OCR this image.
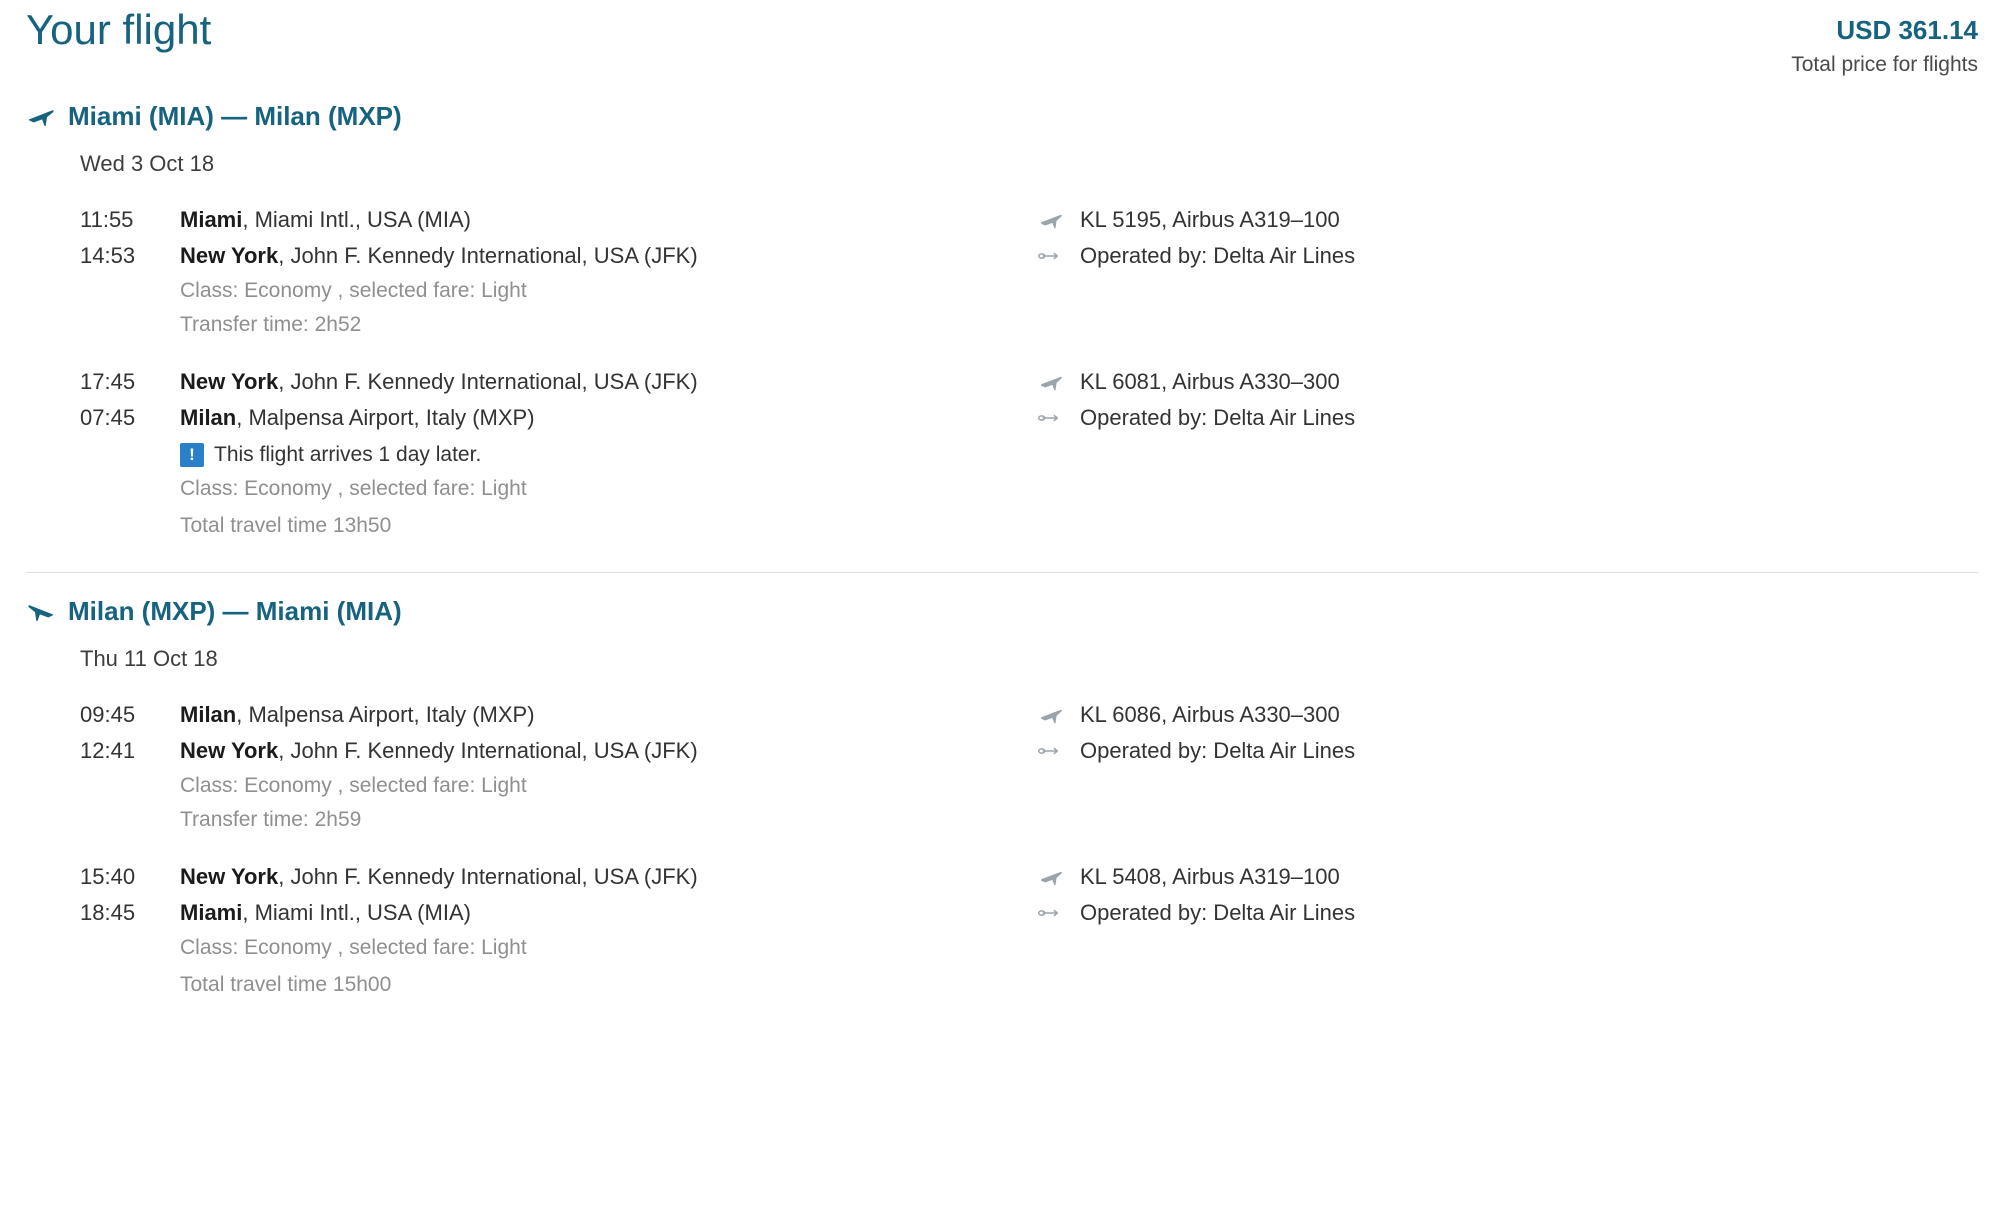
Your flight	USD 361.14
Total price for flights
Miami (MIA) — Milan (MXP)
Wed 3 Oct 18
11:55	Miami, Miami Intl., USA (MIA)
14:53	New York, John F. Kennedy International, USA (JFK)
Class: Economy , selected fare: Light
Transfer time: 2h52
KL 5195, Airbus A319–100
Operated by: Delta Air Lines
17:45	New York, John F. Kennedy International, USA (JFK)
07:45	Milan, Malpensa Airport, Italy (MXP)
! This flight arrives 1 day later.
Class: Economy , selected fare: Light
Total travel time 13h50
KL 6081, Airbus A330–300
Operated by: Delta Air Lines
Milan (MXP) — Miami (MIA)
Thu 11 Oct 18
09:45	Milan, Malpensa Airport, Italy (MXP)
12:41	New York, John F. Kennedy International, USA (JFK)
Class: Economy , selected fare: Light
Transfer time: 2h59
KL 6086, Airbus A330–300
Operated by: Delta Air Lines
15:40	New York, John F. Kennedy International, USA (JFK)
18:45	Miami, Miami Intl., USA (MIA)
Class: Economy , selected fare: Light
Total travel time 15h00
KL 5408, Airbus A319–100
Operated by: Delta Air Lines
